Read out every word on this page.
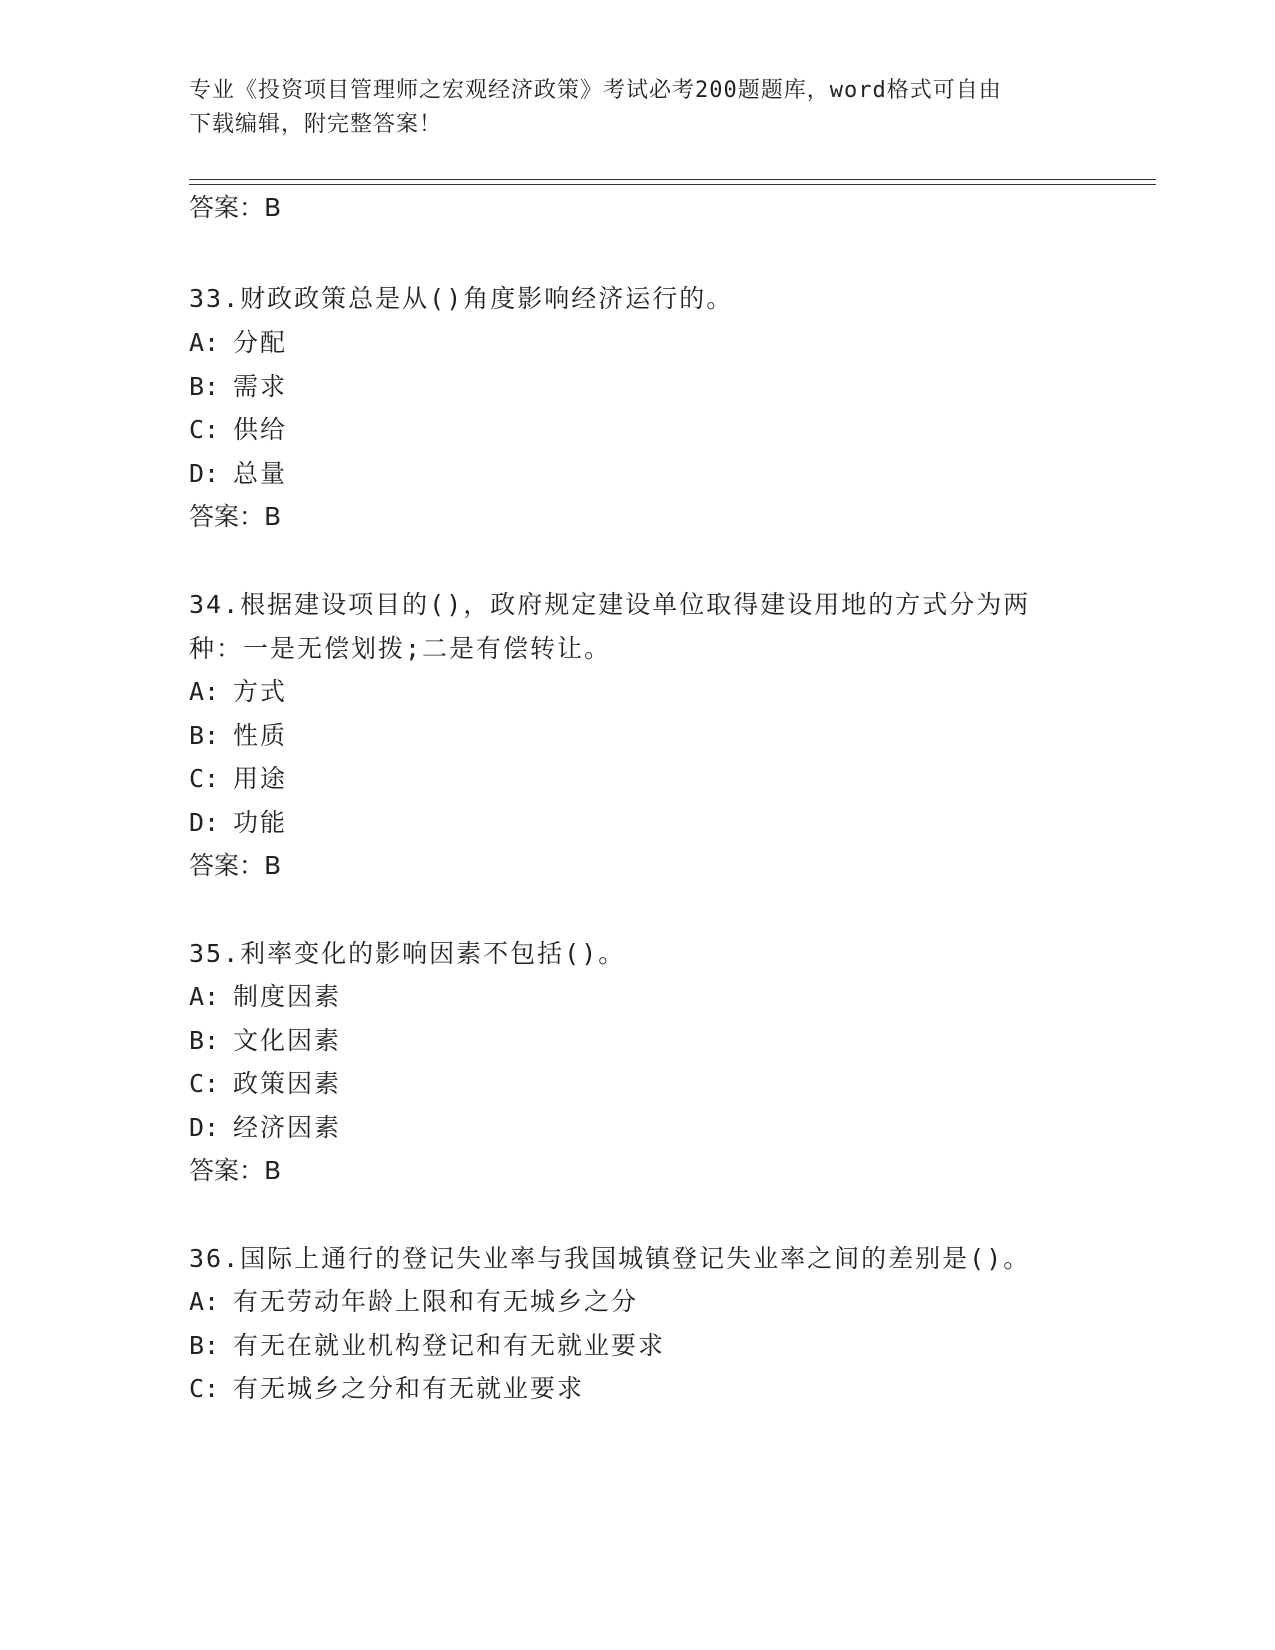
专业《投资项目管理师之宏观经济政策》考试必考200题题库，word格式可自由
下载编辑，附完整答案！
答案：B
33.财政政策总是从()角度影响经济运行的。
A: 分配
B: 需求
C: 供给
D: 总量
答案：B
34.根据建设项目的()，政府规定建设单位取得建设用地的方式分为两
种：一是无偿划拨;二是有偿转让。
A: 方式
B: 性质
C: 用途
D: 功能
答案：B
35.利率变化的影响因素不包括()。
A: 制度因素
B: 文化因素
C: 政策因素
D: 经济因素
答案：B
36.国际上通行的登记失业率与我国城镇登记失业率之间的差别是()。
A: 有无劳动年龄上限和有无城乡之分
B: 有无在就业机构登记和有无就业要求
C: 有无城乡之分和有无就业要求
